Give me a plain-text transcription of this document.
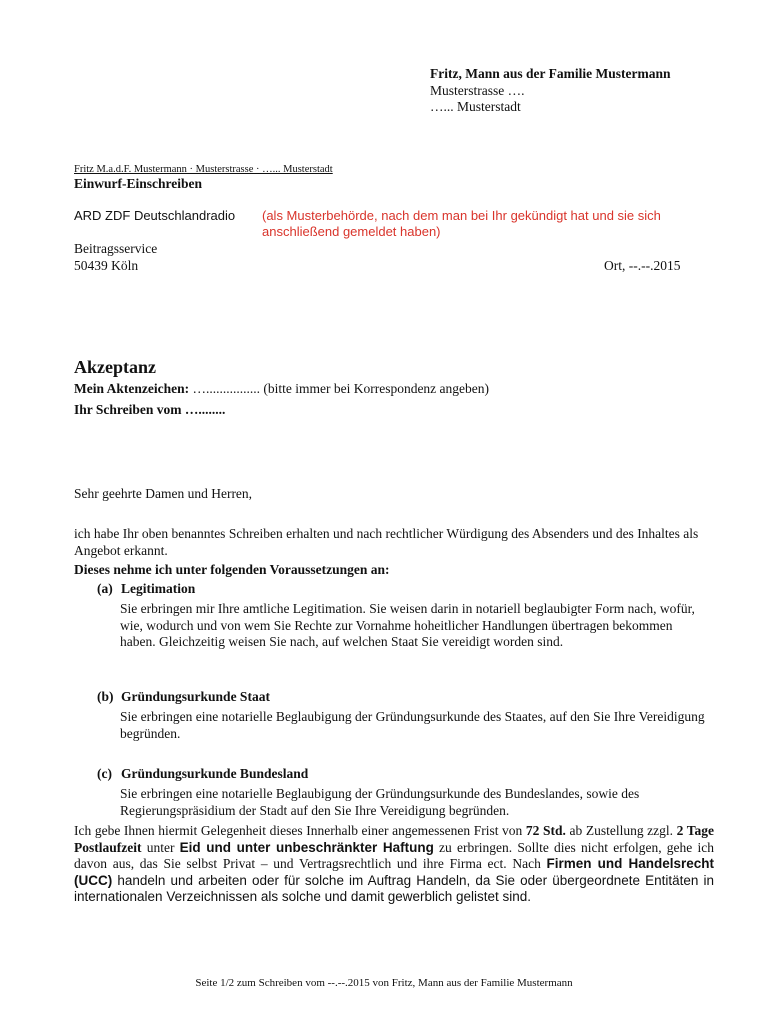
Fritz, Mann aus der Familie Mustermann
Musterstrasse ….
…... Musterstadt
Fritz M.a.d.F. Mustermann · Musterstrasse · …... Musterstadt
Einwurf-Einschreiben
ARD ZDF Deutschlandradio (als Musterbehörde, nach dem man bei Ihr gekündigt hat und sie sich anschließend gemeldet haben)
Beitragsservice
50439 Köln	Ort, --.--.2015
Akzeptanz
Mein Aktenzeichen: …................ (bitte immer bei Korrespondenz angeben)
Ihr Schreiben vom …........
Sehr geehrte Damen und Herren,
ich habe Ihr oben benanntes Schreiben erhalten und nach rechtlicher Würdigung des Absenders und des Inhaltes als Angebot erkannt.
Dieses nehme ich unter folgenden Voraussetzungen an:
(a) Legitimation
Sie erbringen mir Ihre amtliche Legitimation. Sie weisen darin in notariell beglaubigter Form nach, wofür, wie, wodurch und von wem Sie Rechte zur Vornahme hoheitlicher Handlungen übertragen bekommen haben. Gleichzeitig weisen Sie nach, auf welchen Staat Sie vereidigt worden sind.
(b) Gründungsurkunde Staat
Sie erbringen eine notarielle Beglaubigung der Gründungsurkunde des Staates, auf den Sie Ihre Vereidigung begründen.
(c) Gründungsurkunde Bundesland
Sie erbringen eine notarielle Beglaubigung der Gründungsurkunde des Bundeslandes, sowie des Regierungspräsidium der Stadt auf den Sie Ihre Vereidigung begründen.
Ich gebe Ihnen hiermit Gelegenheit dieses Innerhalb einer angemessenen Frist von 72 Std. ab Zustellung zzgl. 2 Tage Postlaufzeit unter Eid und unter unbeschränkter Haftung zu erbringen. Sollte dies nicht erfolgen, gehe ich davon aus, das Sie selbst Privat – und Vertragsrechtlich und ihre Firma ect. Nach Firmen und Handelsrecht (UCC) handeln und arbeiten oder für solche im Auftrag Handeln, da Sie oder übergeordnete Entitäten in internationalen Verzeichnissen als solche und damit gewerblich gelistet sind.
Seite 1/2 zum Schreiben vom --.--.2015 von Fritz, Mann aus der Familie Mustermann
